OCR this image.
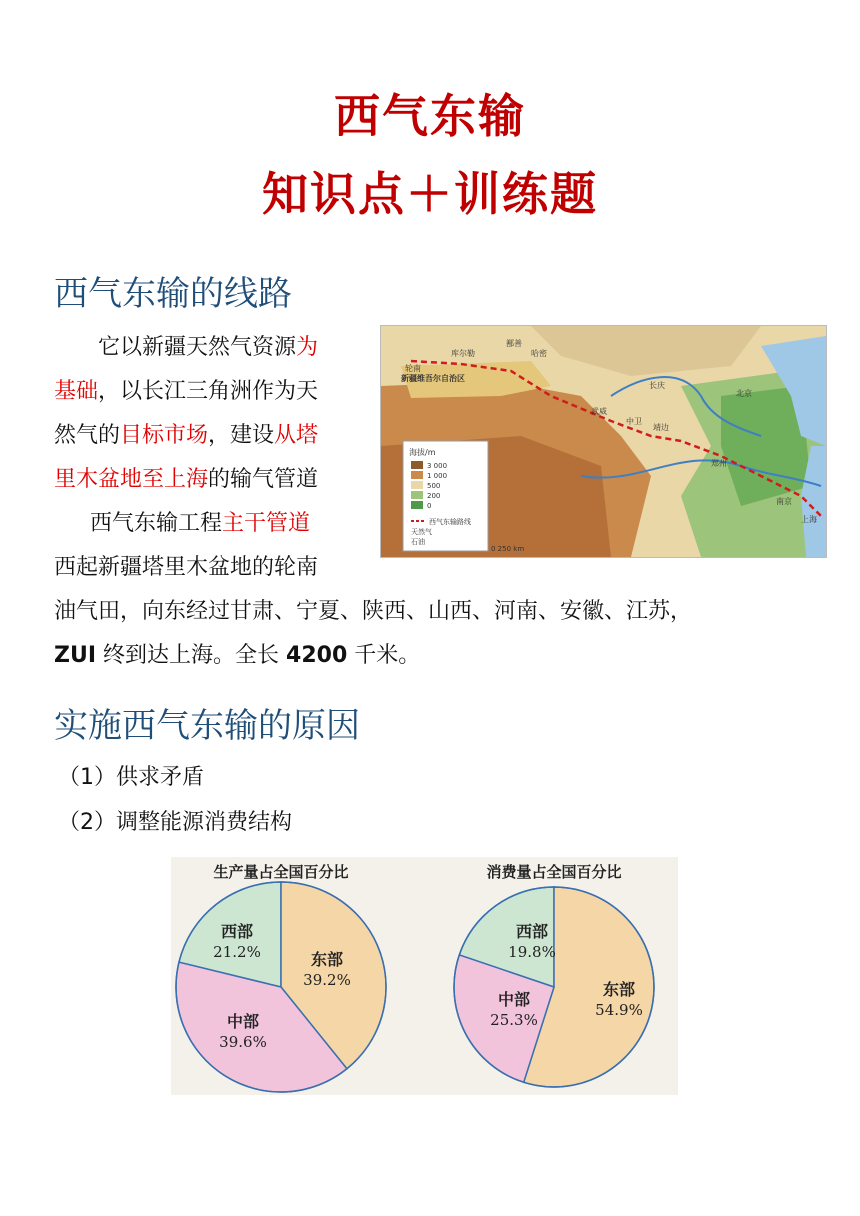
西气东输
知识点＋训练题
西气东输的线路
它以新疆天然气资源为
基础，以长江三角洲作为天
然气的目标市场，建设从塔
里木盆地至上海的输气管道
西气东输工程主干管道
西起新疆塔里木盆地的轮南
油气田，向东经过甘肃、宁夏、陕西、山西、河南、安徽、江苏，
ZUI 终到达上海。全长 4200 千米。
海拔/m
3 000
1 000
500
200
0
西气东输路线
天然气
石油
0 250 km
轮南
库尔勒
鄯善
哈密
武威
中卫
靖边
北京
郑州
南京
上海
长庆
新疆维吾尔自治区
实施西气东输的原因
（1）供求矛盾
（2）调整能源消费结构
生产量占全国百分比
西部
21.2%	东部
39.2%
中部
39.6%
消费量占全国百分比
西部
19.8%
东部
54.9%
中部
25.3%
